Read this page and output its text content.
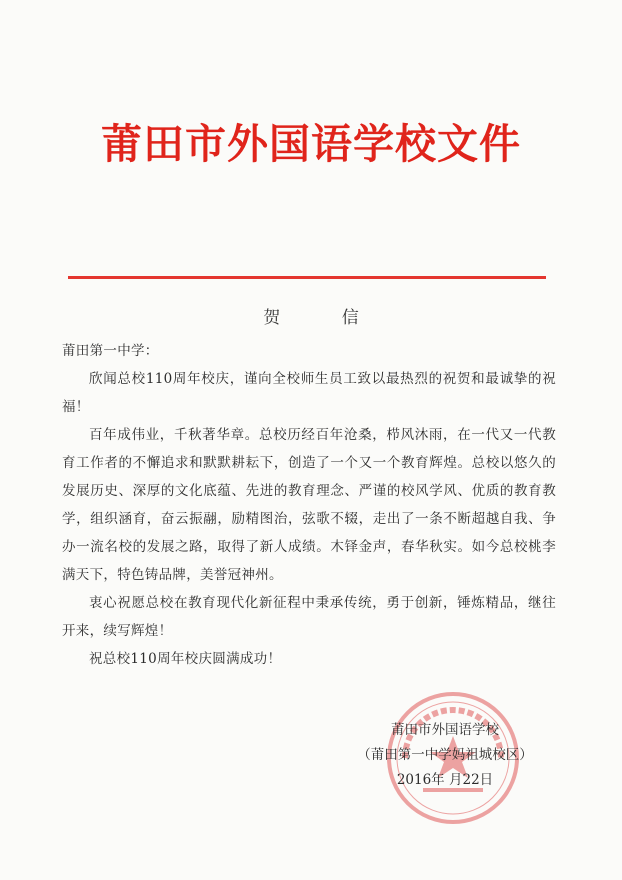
莆田市外国语学校文件
贺 信

莆田第一中学：

欣闻总校110周年校庆，谨向全校师生员工致以最热烈的祝贺和最诚挚的祝福！

百年成伟业，千秋著华章。总校历经百年沧桑，栉风沐雨，在一代又一代教育工作者的不懈追求和默默耕耘下，创造了一个又一个教育辉煌。总校以悠久的发展历史、深厚的文化底蕴、先进的教育理念、严谨的校风学风、优质的教育教学，组织涵育，奋云振翮，励精图治，弦歌不辍，走出了一条不断超越自我、争办一流名校的发展之路，取得了新人成绩。木铎金声，春华秋实。如今总校桃李满天下，特色铸品牌，美誉冠神州。

衷心祝愿总校在教育现代化新征程中秉承传统，勇于创新，锤炼精品，继往开来，续写辉煌！

祝总校110周年校庆圆满成功！

莆田市外国语学校
（莆田第一中学妈祖城校区）
2016年 月22日
